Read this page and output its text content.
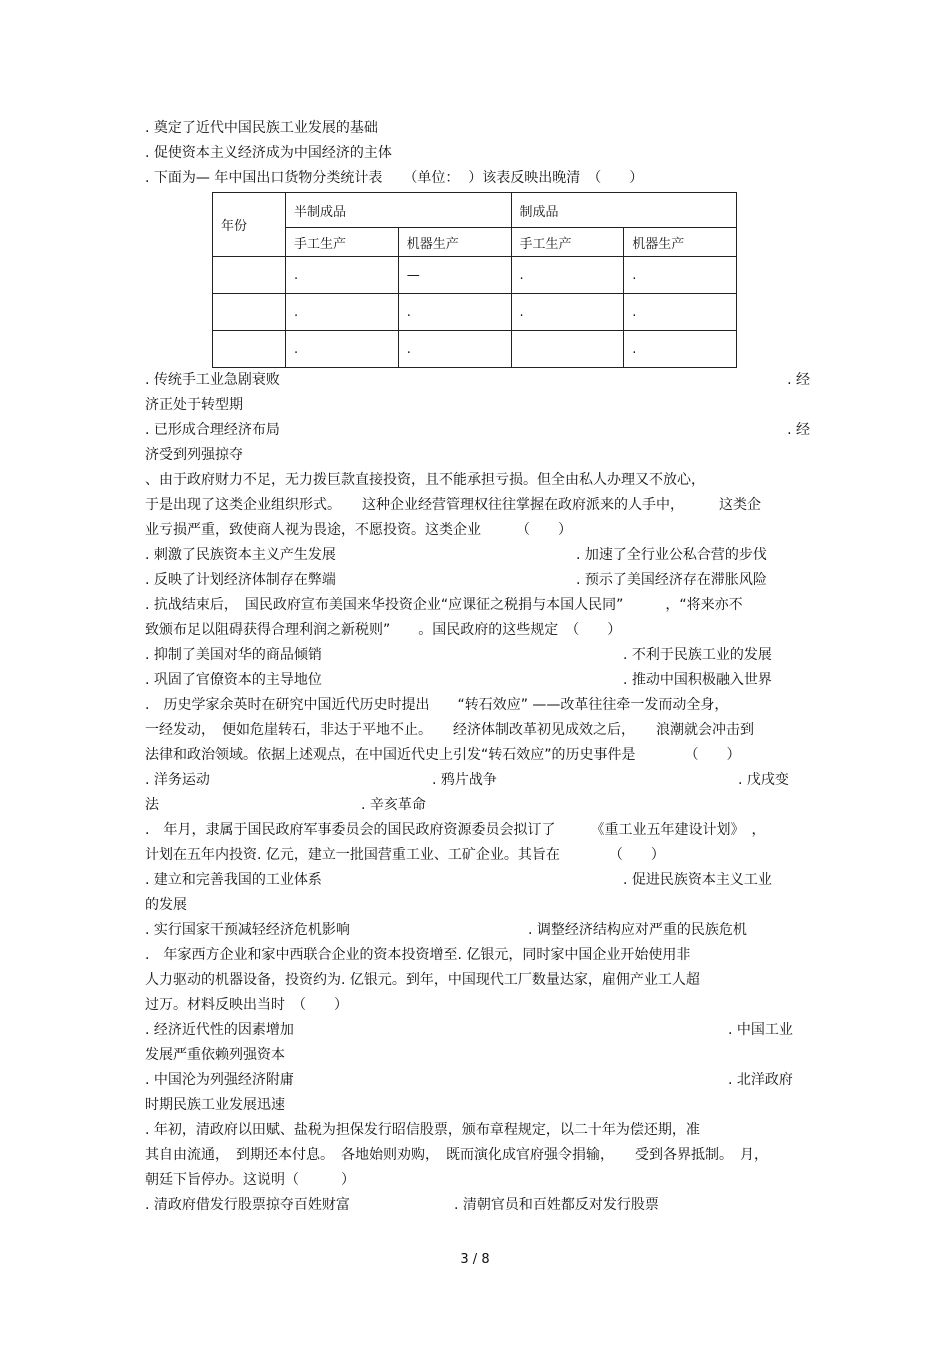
. 奠定了近代中国民族工业发展的基础
. 促使资本主义经济成为中国经济的主体
. 下面为— 年中国出口货物分类统计表　　（单位：  ）该表反映出晚清　（　　）
年份	半制成品		制成品	
	手工生产	机器生产	手工生产	机器生产
	.	—	.	.
	.	.	.	.
	.	.		.
. 传统手工业急剧衰败	. 经
济正处于转型期
. 已形成合理经济布局	. 经
济受到列强掠夺
、由于政府财力不足，无力拨巨款直接投资，且不能承担亏损。但全由私人办理又不放心，
于是出现了这类企业组织形式。　　这种企业经营管理权往往掌握在政府派来的人手中，　　　这类企
业亏损严重，致使商人视为畏途，不愿投资。这类企业　　　（　　）

. 刺激了民族资本主义产生发展

	. 加速了全行业公私合营的步伐

. 反映了计划经济体制存在弊端

	. 预示了美国经济存在滞胀风险

. 抗战结束后，　国民政府宣布美国来华投资企业“应课征之税捐与本国人民同”　　　，“将来亦不
致颁布足以阻碍获得合理利润之新税则”　　。国民政府的这些规定　（　　）

. 抑制了美国对华的商品倾销

	. 不利于民族工业的发展

. 巩固了官僚资本的主导地位

	. 推动中国积极融入世界

.　历史学家余英时在研究中国近代历史时提出　　“转石效应” ——改革往往牵一发而动全身，
一经发动，　便如危崖转石，非达于平地不止。　　经济体制改革初见成效之后，　　浪潮就会冲击到
法律和政治领域。依据上述观点，在中国近代史上引发“转石效应”的历史事件是　　　　（　　）

. 洋务运动

	. 鸦片战争

	. 戊戌变

法

	. 辛亥革命

.　年月，隶属于国民政府军事委员会的国民政府资源委员会拟订了　　　《重工业五年建设计划》　，
计划在五年内投资. 亿元，建立一批国营重工业、工矿企业。其旨在　　　　（　　）

. 建立和完善我国的工业体系

	. 促进民族资本主义工业

的发展

. 实行国家干预减轻经济危机影响

	. 调整经济结构应对严重的民族危机

.　年家西方企业和家中西联合企业的资本投资增至. 亿银元，同时家中国企业开始使用非
人力驱动的机器设备，投资约为. 亿银元。到年，中国现代工厂数量达家，雇佣产业工人超
过万。材料反映出当时　（　　）

. 经济近代性的因素增加

	. 中国工业

发展严重依赖列强资本

. 中国沦为列强经济附庸

	. 北洋政府

时期民族工业发展迅速
. 年初，清政府以田赋、盐税为担保发行昭信股票，颁布章程规定，以二十年为偿还期，准
其自由流通，　到期还本付息。　各地始则劝购，　既而演化成官府强令捐输，　　受到各界抵制。　月，
朝廷下旨停办。这说明（　　　）

. 清政府借发行股票掠夺百姓财富

	. 清朝官员和百姓都反对发行股票

3 / 8
